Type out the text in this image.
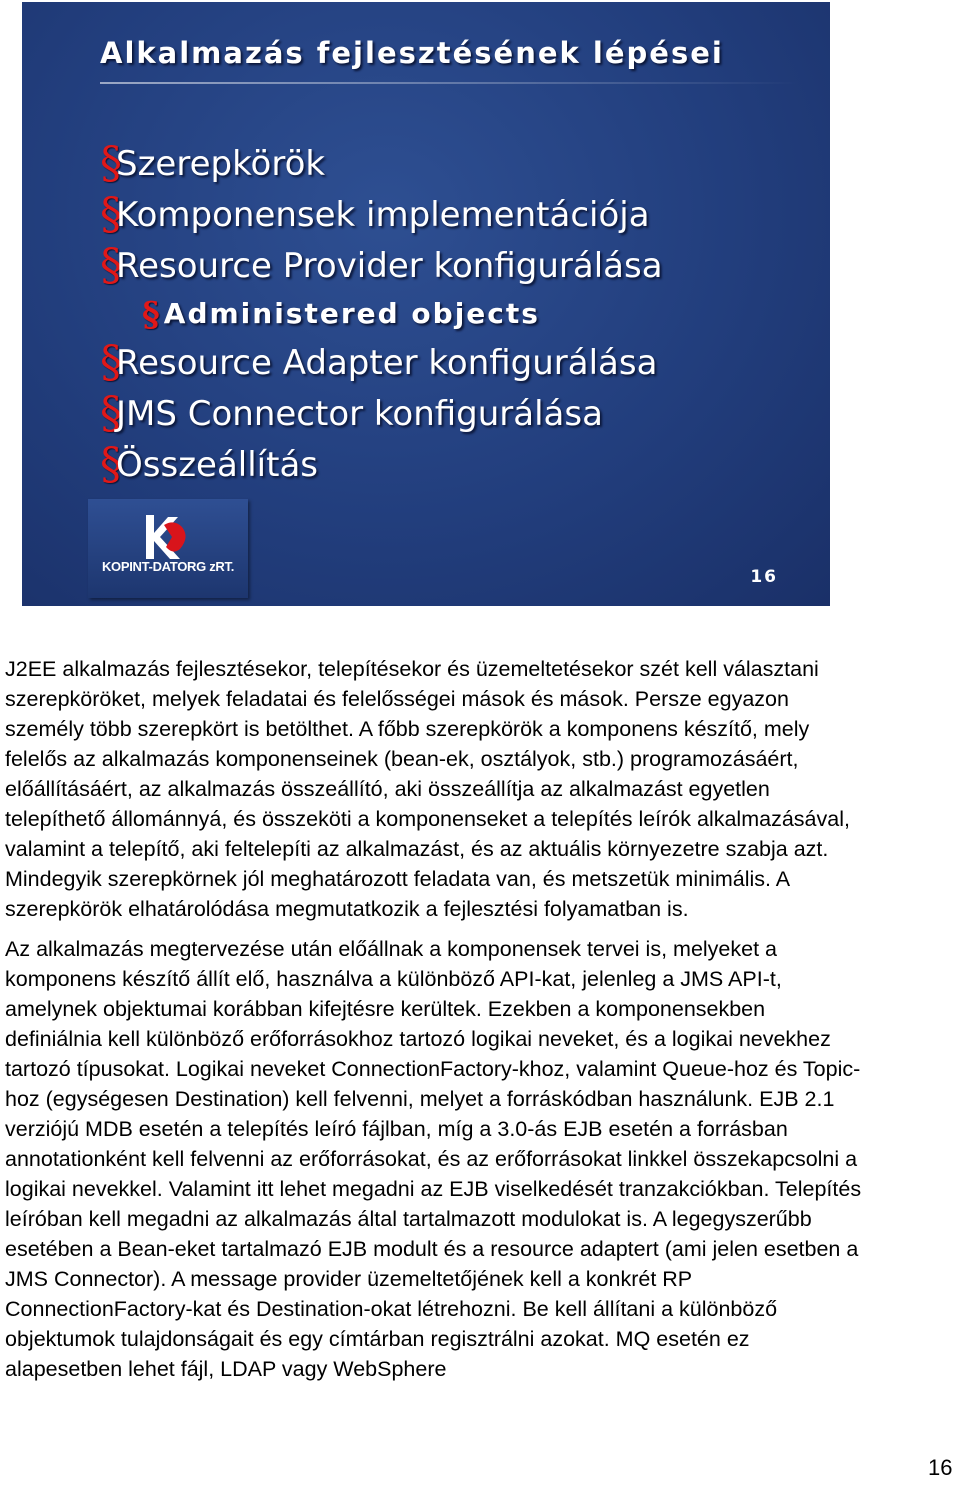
Alkalmazás fejlesztésének lépései
§Szerepkörök
§Komponensek implementációja
§Resource Provider konfigurálása
§Administered objects
§Resource Adapter konfigurálása
§JMS Connector konfigurálása
§Összeállítás
KOPINT-DATORG zRT.
16

J2EE alkalmazás fejlesztésekor, telepítésekor és üzemeltetésekor szét kell választani szerepköröket, melyek feladatai és felelősségei mások és mások. Persze egyazon személy több szerepkört is betölthet. A főbb szerepkörök a komponens készítő, mely felelős az alkalmazás komponenseinek (bean-ek, osztályok, stb.) programozásáért, előállításáért, az alkalmazás összeállító, aki összeállítja az alkalmazást egyetlen telepíthető állománnyá, és összeköti a komponenseket a telepítés leírók alkalmazásával, valamint a telepítő, aki feltelepíti az alkalmazást, és az aktuális környezetre szabja azt. Mindegyik szerepkörnek jól meghatározott feladata van, és metszetük minimális. A szerepkörök elhatárolódása megmutatkozik a fejlesztési folyamatban is.

Az alkalmazás megtervezése után előállnak a komponensek tervei is, melyeket a komponens készítő állít elő, használva a különböző API-kat, jelenleg a JMS API-t, amelynek objektumai korábban kifejtésre kerültek. Ezekben a komponensekben definiálnia kell különböző erőforrásokhoz tartozó logikai neveket, és a logikai nevekhez tartozó típusokat. Logikai neveket ConnectionFactory-khoz, valamint Queue-hoz és Topic-hoz (egységesen Destination) kell felvenni, melyet a forráskódban használunk. EJB 2.1 verziójú MDB esetén a telepítés leíró fájlban, míg a 3.0-ás EJB esetén a forrásban annotationként kell felvenni az erőforrásokat, és az erőforrásokat linkkel összekapcsolni a logikai nevekkel. Valamint itt lehet megadni az EJB viselkedését tranzakciókban. Telepítés leíróban kell megadni az alkalmazás által tartalmazott modulokat is. A legegyszerűbb esetében a Bean-eket tartalmazó EJB modult és a resource adaptert (ami jelen esetben a JMS Connector). A message provider üzemeltetőjének kell a konkrét RP ConnectionFactory-kat és Destination-okat létrehozni. Be kell állítani a különböző objektumok tulajdonságait és egy címtárban regisztrálni azokat. MQ esetén ez alapesetben lehet fájl, LDAP vagy WebSphere

16
